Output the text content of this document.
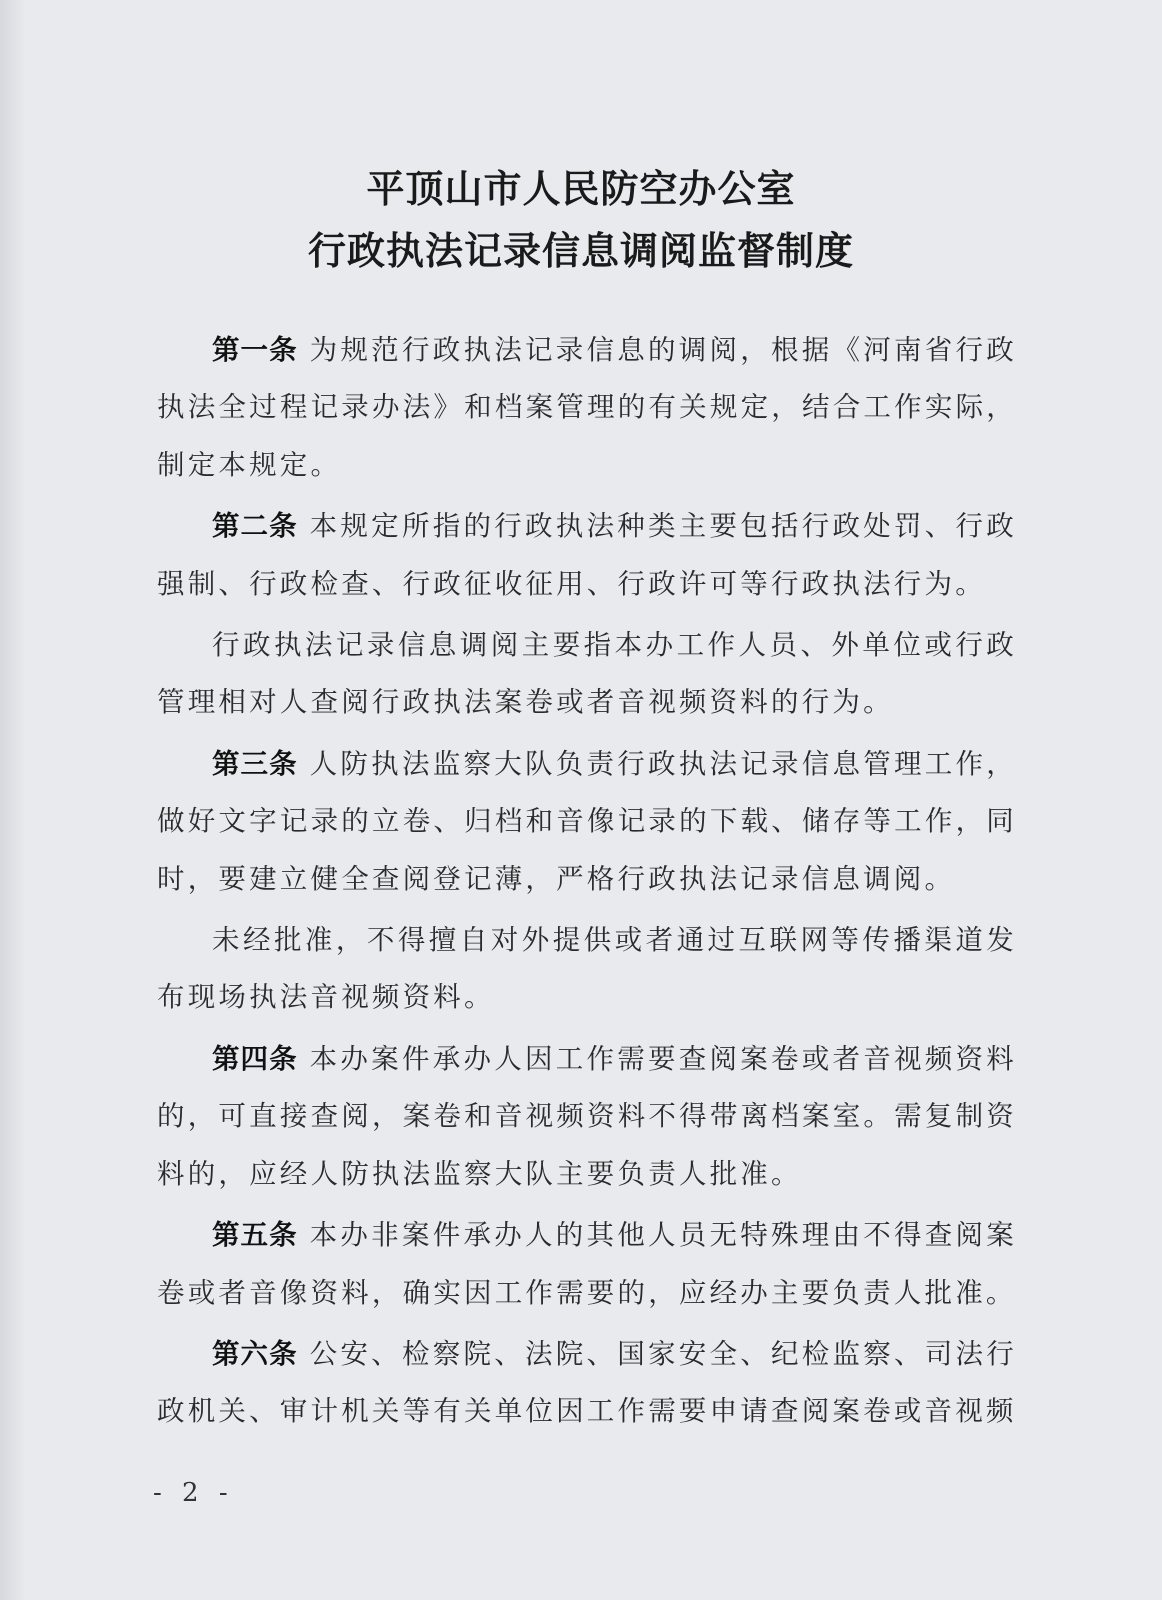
平顶山市人民防空办公室
行政执法记录信息调阅监督制度

第一条 为规范行政执法记录信息的调阅，根据《河南省行政执法全过程记录办法》和档案管理的有关规定，结合工作实际，制定本规定。

第二条 本规定所指的行政执法种类主要包括行政处罚、行政强制、行政检查、行政征收征用、行政许可等行政执法行为。

行政执法记录信息调阅主要指本办工作人员、外单位或行政管理相对人查阅行政执法案卷或者音视频资料的行为。

第三条 人防执法监察大队负责行政执法记录信息管理工作，做好文字记录的立卷、归档和音像记录的下载、储存等工作，同时，要建立健全查阅登记薄，严格行政执法记录信息调阅。

未经批准，不得擅自对外提供或者通过互联网等传播渠道发布现场执法音视频资料。

第四条 本办案件承办人因工作需要查阅案卷或者音视频资料的，可直接查阅，案卷和音视频资料不得带离档案室。需复制资料的，应经人防执法监察大队主要负责人批准。

第五条 本办非案件承办人的其他人员无特殊理由不得查阅案卷或者音像资料，确实因工作需要的，应经办主要负责人批准。

第六条 公安、检察院、法院、国家安全、纪检监察、司法行政机关、审计机关等有关单位因工作需要申请查阅案卷或音视频

- 2 -
